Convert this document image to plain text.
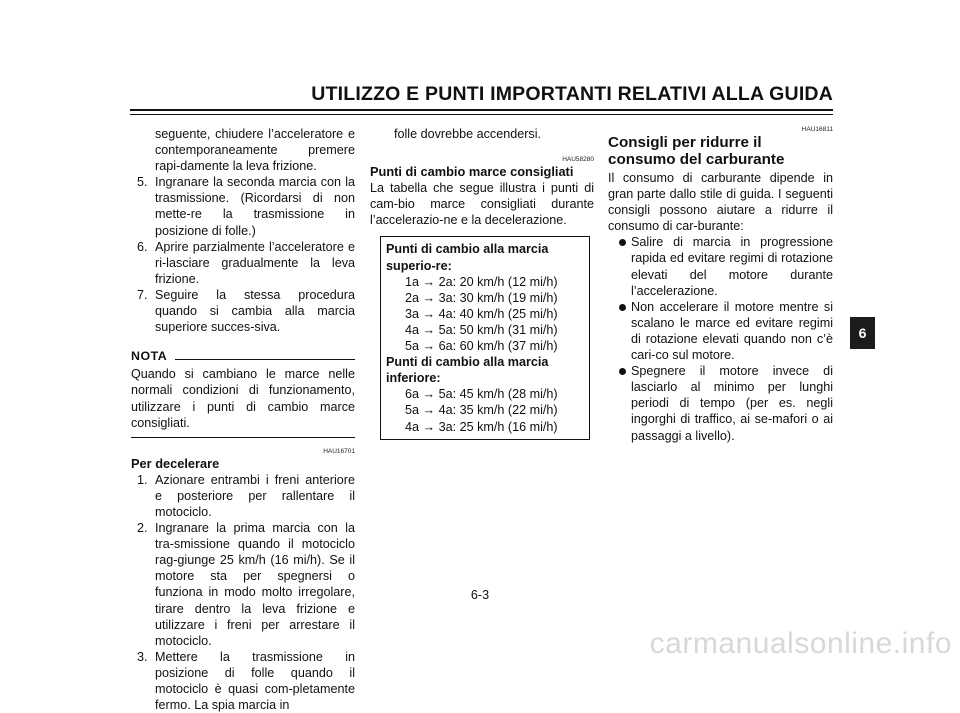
UTILIZZO E PUNTI IMPORTANTI RELATIVI ALLA GUIDA

seguente, chiudere l’acceleratore e contemporaneamente premere rapi-damente la leva frizione.

5. Ingranare la seconda marcia con la trasmissione. (Ricordarsi di non mette-re la trasmissione in posizione di folle.)
6. Aprire parzialmente l’acceleratore e ri-lasciare gradualmente la leva frizione.
7. Seguire la stessa procedura quando si cambia alla marcia superiore succes-siva.
NOTA

Quando si cambiano le marce nelle normali condizioni di funzionamento, utilizzare i punti di cambio marce consigliati.

HAU16701
Per decelerare
1. Azionare entrambi i freni anteriore e posteriore per rallentare il motociclo.
2. Ingranare la prima marcia con la tra-smissione quando il motociclo rag-giunge 25 km/h (16 mi/h). Se il motore sta per spegnersi o funziona in modo molto irregolare, tirare dentro la leva frizione e utilizzare i freni per arrestare il motociclo.
3. Mettere la trasmissione in posizione di folle quando il motociclo è quasi com-pletamente fermo. La spia marcia in

folle dovrebbe accendersi.

HAU58280
Punti di cambio marce consigliati

La tabella che segue illustra i punti di cam-bio marce consigliati durante l’accelerazio-ne e la decelerazione.

Punti di cambio alla marcia superio-re:
1a → 2a: 20 km/h (12 mi/h)
2a → 3a: 30 km/h (19 mi/h)
3a → 4a: 40 km/h (25 mi/h)
4a → 5a: 50 km/h (31 mi/h)
5a → 6a: 60 km/h (37 mi/h)
Punti di cambio alla marcia inferiore:
6a → 5a: 45 km/h (28 mi/h)
5a → 4a: 35 km/h (22 mi/h)
4a → 3a: 25 km/h (16 mi/h)
HAU16811
Consigli per ridurre il consumo del carburante

Il consumo di carburante dipende in gran parte dallo stile di guida. I seguenti consigli possono aiutare a ridurre il consumo di car-burante:

Salire di marcia in progressione rapida ed evitare regimi di rotazione elevati del motore durante l’accelerazione.
Non accelerare il motore mentre si scalano le marce ed evitare regimi di rotazione elevati quando non c’è cari-co sul motore.
Spegnere il motore invece di lasciarlo al minimo per lunghi periodi di tempo (per es. negli ingorghi di traffico, ai se-mafori o ai passaggi a livello).
6
6-3
carmanualsonline.info
